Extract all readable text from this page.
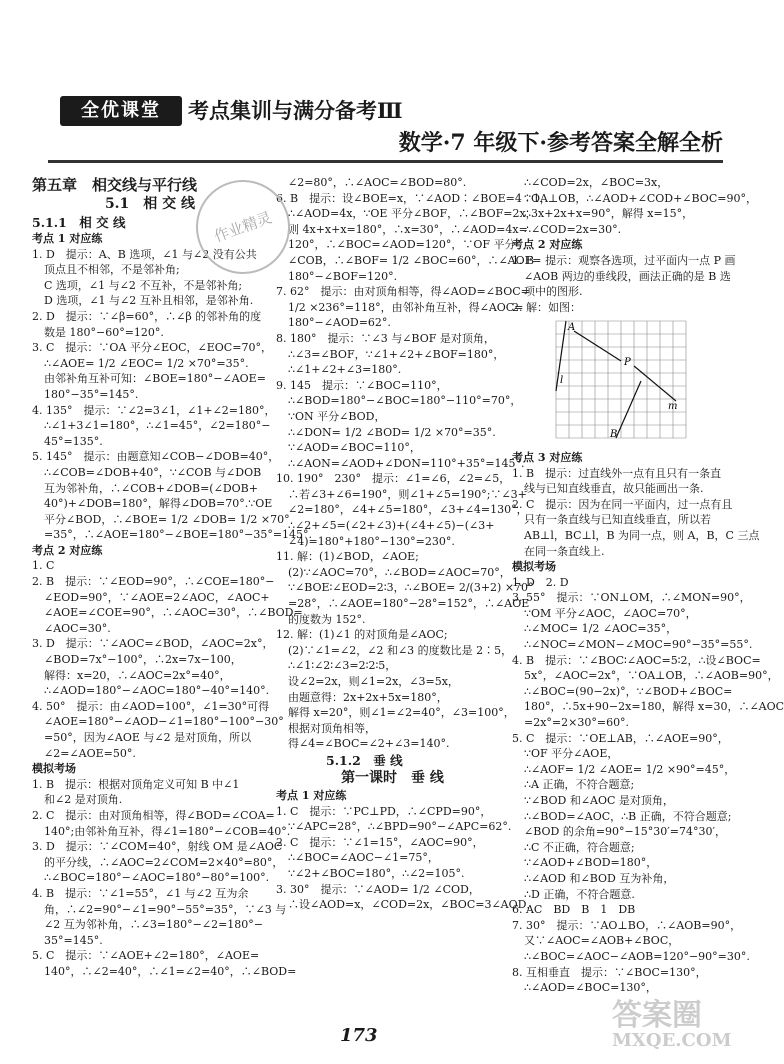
全优课堂	考点集训与满分备考Ⅲ
数学·7 年级下·参考答案全解全析

第五章　相交线与平行线

5.1　相 交 线

5.1.1　相 交 线

考点 1 对应练

1. D　提示：A、B 选项，∠1 与∠2 没有公共

顶点且不相邻，不是邻补角;

C 选项，∠1 与∠2 不互补，不是邻补角;

D 选项，∠1 与∠2 互补且相邻，是邻补角.

2. D　提示：∵∠β=60°，∴∠β 的邻补角的度

数是 180°−60°=120°.

3. C　提示：∵OA 平分∠EOC，∠EOC=70°，

∴∠AOE= 1/2 ∠EOC= 1/2 ×70°=35°.

由邻补角互补可知：∠BOE=180°−∠AOE=

180°−35°=145°.

4. 135°　提示：∵∠2=3∠1，∠1+∠2=180°，

∴∠1+3∠1=180°，∴∠1=45°，∠2=180°−

45°=135°.

5. 145°　提示：由题意知∠COB−∠DOB=40°，

∴∠COB=∠DOB+40°，∵∠COB 与∠DOB

互为邻补角，∴∠COB+∠DOB=(∠DOB+

40°)+∠DOB=180°，解得∠DOB=70°.∵OE

平分∠BOD，∴∠BOE= 1/2 ∠DOB= 1/2 ×70°

=35°，∴∠AOE=180°−∠BOE=180°−35°=145°.

考点 2 对应练

1. C

2. B　提示：∵∠EOD=90°，∴∠COE=180°−

∠EOD=90°，∵∠AOE=2∠AOC，∠AOC+

∠AOE=∠COE=90°，∴∠AOC=30°，∴∠BOD=

∠AOC=30°.

3. D　提示：∵∠AOC=∠BOD，∠AOC=2x°，

∠BOD=7x°−100°，∴2x=7x−100，

解得：x=20，∴∠AOC=2x°=40°，

∴∠AOD=180°−∠AOC=180°−40°=140°.

4. 50°　提示：由∠AOD=100°，∠1=30°可得

∠AOE=180°−∠AOD−∠1=180°−100°−30°

=50°，因为∠AOE 与∠2 是对顶角，所以

∠2=∠AOE=50°.

模拟考场

1. B　提示：根据对顶角定义可知 B 中∠1

和∠2 是对顶角.

2. C　提示：由对顶角相等，得∠BOD=∠COA=

140°;由邻补角互补，得∠1=180°−∠COB=40°.

3. D　提示：∵∠COM=40°，射线 OM 是∠AOC

的平分线，∴∠AOC=2∠COM=2×40°=80°，

∴∠BOC=180°−∠AOC=180°−80°=100°.

4. B　提示：∵∠1=55°，∠1 与∠2 互为余

角，∴∠2=90°−∠1=90°−55°=35°，∵∠3 与

∠2 互为邻补角，∴∠3=180°−∠2=180°−

35°=145°.

5. C　提示：∵∠AOE+∠2=180°，∠AOE=

140°，∴∠2=40°，∴∠1=∠2=40°，∴∠BOD=

∠2=80°，∴∠AOC=∠BOD=80°.

6. B　提示：设∠BOE=x，∵∠AOD∶∠BOE=4∶1，

∴∠AOD=4x，∵OE 平分∠BOF，∴∠BOF=2x，

则 4x+x+x=180°，∴x=30°，∴∠AOD=4x=

120°，∴∠BOC=∠AOD=120°，∵OF 平分

∠COB，∴∠BOF= 1/2 ∠BOC=60°，∴∠AOF=

180°−∠BOF=120°.

7. 62°　提示：由对顶角相等，得∠AOD=∠BOC=

1/2 ×236°=118°，由邻补角互补，得∠AOC=

180°−∠AOD=62°.

8. 180°　提示：∵∠3 与∠BOF 是对顶角，

∴∠3=∠BOF，∵∠1+∠2+∠BOF=180°，

∴∠1+∠2+∠3=180°.

9. 145　提示：∵∠BOC=110°，

∴∠BOD=180°−∠BOC=180°−110°=70°，

∵ON 平分∠BOD，

∴∠DON= 1/2 ∠BOD= 1/2 ×70°=35°.

∵∠AOD=∠BOC=110°，

∴∠AON=∠AOD+∠DON=110°+35°=145°.

10. 190°　230°　提示：∠1=∠6，∠2=∠5，

∴若∠3+∠6=190°，则∠1+∠5=190°;∵∠3+

∠2=180°，∠4+∠5=180°，∠3+∠4=130°，

∴∠2+∠5=(∠2+∠3)+(∠4+∠5)−(∠3+

∠4)=180°+180°−130°=230°.

11. 解：(1)∠BOD，∠AOE;

(2)∵∠AOC=70°，∴∠BOD=∠AOC=70°，

∵∠BOE∶∠EOD=2∶3，∴∠BOE= 2/(3+2) ×70°

=28°，∴∠AOE=180°−28°=152°，∴∠AOE

的度数为 152°.

12. 解：(1)∠1 的对顶角是∠AOC;

(2)∵∠1=∠2，∠2 和∠3 的度数比是 2∶5，

∴∠1∶∠2∶∠3=2∶2∶5，

设∠2=2x，则∠1=2x，∠3=5x，

由题意得：2x+2x+5x=180°，

解得 x=20°，则∠1=∠2=40°，∠3=100°，

根据对顶角相等，

得∠4=∠BOC=∠2+∠3=140°.

　　　　5.1.2　垂 线

第一课时　垂 线

考点 1 对应练

1. C　提示：∵PC⊥PD，∴∠CPD=90°，

∵∠APC=28°，∴∠BPD=90°−∠APC=62°.

2. C　提示：∵∠1=15°，∠AOC=90°，

∴∠BOC=∠AOC−∠1=75°，

∵∠2+∠BOC=180°，∴∠2=105°.

3. 30°　提示：∵∠AOD= 1/2 ∠COD，

∴设∠AOD=x，∠COD=2x，∠BOC=3∠AOD，

∴∠COD=2x，∠BOC=3x，

∵OA⊥OB，∴∠AOD+∠COD+∠BOC=90°，

∴3x+2x+x=90°，解得 x=15°，

∴∠COD=2x=30°.

考点 2 对应练

1. B　提示：观察各选项，过平面内一点 P 画

∠AOB 两边的垂线段，画法正确的是 B 选

项中的图形.

2. 解：如图：

A
l
P
B
m

考点 3 对应练

1. B　提示：过直线外一点有且只有一条直

线与已知直线垂直，故只能画出一条.

2. C　提示：因为在同一平面内，过一点有且

只有一条直线与已知直线垂直，所以若

AB⊥l，BC⊥l，B 为同一点，则 A，B，C 三点

在同一条直线上.

模拟考场

1. D　2. D

3. 55°　提示：∵ON⊥OM，∴∠MON=90°，

∵OM 平分∠AOC，∠AOC=70°，

∴∠MOC= 1/2 ∠AOC=35°，

∴∠NOC=∠MON−∠MOC=90°−35°=55°.

4. B　提示：∵∠BOC∶∠AOC=5∶2，∴设∠BOC=

5x°，∠AOC=2x°，∵OA⊥OB，∴∠AOB=90°，

∴∠BOC=(90−2x)°，∵∠BOD+∠BOC=

180°，∴5x+90−2x=180，解得 x=30，∴∠AOC

=2x°=2×30°=60°.

5. C　提示：∵OE⊥AB，∴∠AOE=90°，

∵OF 平分∠AOE，

∴∠AOF= 1/2 ∠AOE= 1/2 ×90°=45°，

∴A 正确，不符合题意;

∵∠BOD 和∠AOC 是对顶角，

∴∠BOD=∠AOC，∴B 正确，不符合题意;

∠BOD 的余角=90°−15°30′=74°30′，

∴C 不正确，符合题意;

∵∠AOD+∠BOD=180°，

∴∠AOD 和∠BOD 互为补角，

∴D 正确，不符合题意.

6. AC　BD　B　1　DB

7. 30°　提示：∵AO⊥BO，∴∠AOB=90°，

又∵∠AOC=∠AOB+∠BOC，

∴∠BOC=∠AOC−∠AOB=120°−90°=30°.

8. 互相垂直　提示：∵∠BOC=130°，

∴∠AOD=∠BOC=130°，

作业精灵
173
答案圈
MXQE.COM
